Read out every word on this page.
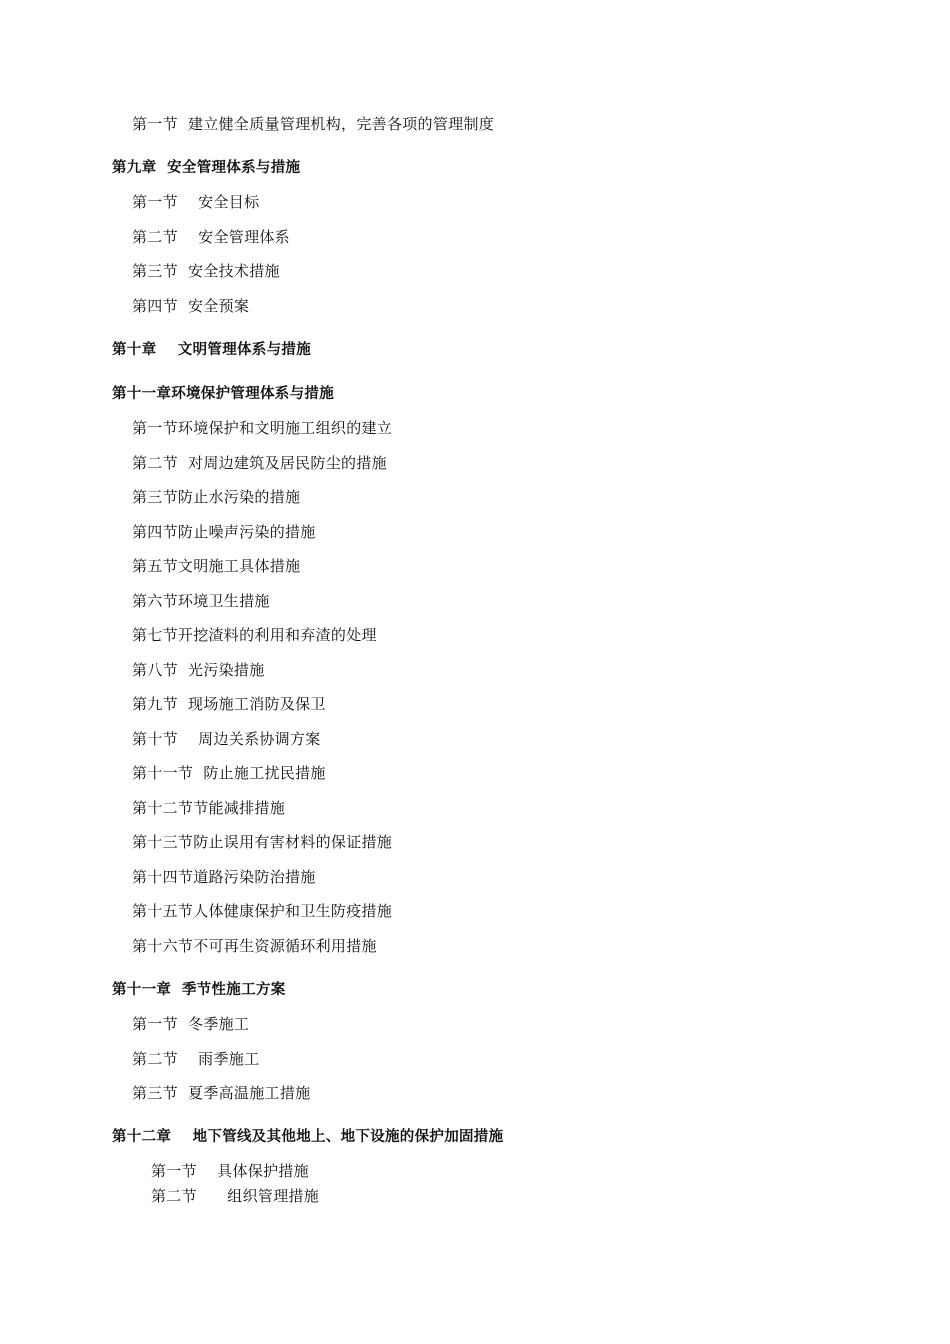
第一节  建立健全质量管理机构，完善各项的管理制度
第九章  安全管理体系与措施
第一节    安全目标
第二节    安全管理体系
第三节  安全技术措施
第四节  安全预案
第十章    文明管理体系与措施
第十一章环境保护管理体系与措施
第一节环境保护和文明施工组织的建立
第二节  对周边建筑及居民防尘的措施
第三节防止水污染的措施
第四节防止噪声污染的措施
第五节文明施工具体措施
第六节环境卫生措施
第七节开挖渣料的利用和弃渣的处理
第八节  光污染措施
第九节  现场施工消防及保卫
第十节    周边关系协调方案
第十一节  防止施工扰民措施
第十二节节能减排措施
第十三节防止误用有害材料的保证措施
第十四节道路污染防治措施
第十五节人体健康保护和卫生防疫措施
第十六节不可再生资源循环利用措施
第十一章  季节性施工方案
第一节  冬季施工
第二节    雨季施工
第三节  夏季高温施工措施
第十二章    地下管线及其他地上、地下设施的保护加固措施
第一节    具体保护措施
第二节      组织管理措施
